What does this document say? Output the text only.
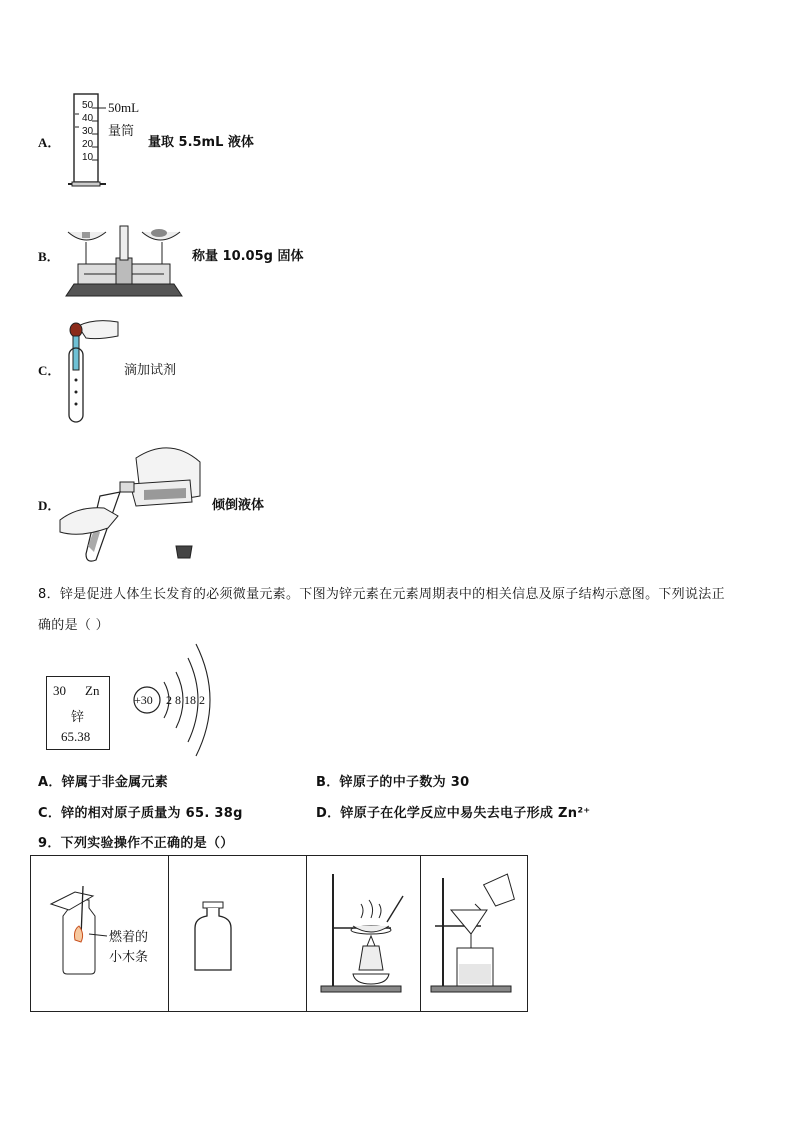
A．
50
40
30
20
10
50mL
量筒
量取 5.5mL 液体
B．	称量 10.05g 固体
C．	滴加试剂
D．	倾倒液体
8．锌是促进人体生长发育的必须微量元素。下图为锌元素在元素周期表中的相关信息及原子结构示意图。下列说法正
确的是（ ）
30 Zn
锌
65.38
+30 2 8 18 2
A．锌属于非金属元素	B．锌原子的中子数为 30
C．锌的相对原子质量为 65. 38g	D．锌原子在化学反应中易失去电子形成 Zn²⁺
9．下列实验操作不正确的是（）
燃着的
小木条
